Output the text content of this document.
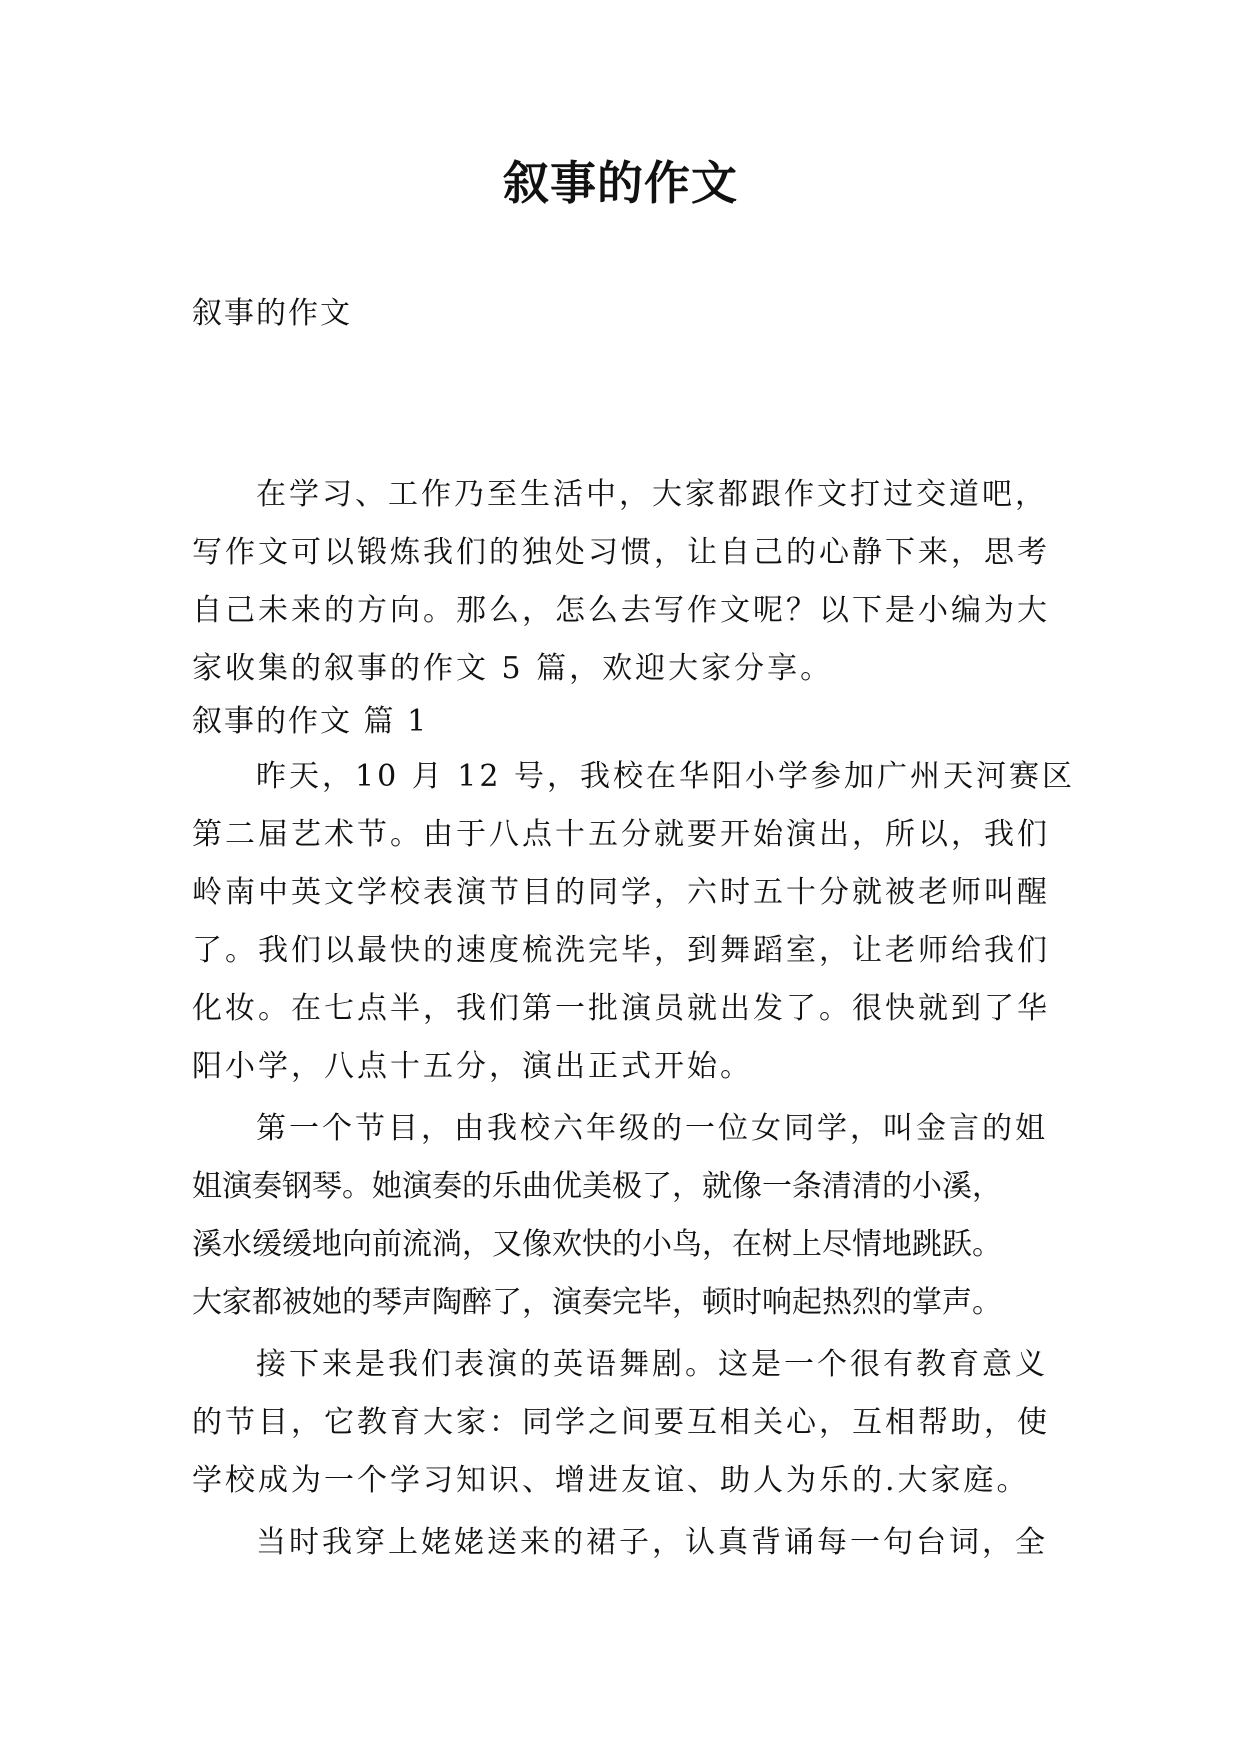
叙事的作文

叙事的作文

在学习、工作乃至生活中，大家都跟作文打过交道吧，
写作文可以锻炼我们的独处习惯，让自己的心静下来，思考
自己未来的方向。那么，怎么去写作文呢？以下是小编为大
家收集的叙事的作文 5 篇，欢迎大家分享。

叙事的作文 篇 1

昨天，10 月 12 号，我校在华阳小学参加广州天河赛区
第二届艺术节。由于八点十五分就要开始演出，所以，我们
岭南中英文学校表演节目的同学，六时五十分就被老师叫醒
了。我们以最快的速度梳洗完毕，到舞蹈室，让老师给我们
化妆。在七点半，我们第一批演员就出发了。很快就到了华
阳小学，八点十五分，演出正式开始。

第一个节目，由我校六年级的一位女同学，叫金言的姐
姐演奏钢琴。她演奏的乐曲优美极了，就像一条清清的小溪，
溪水缓缓地向前流淌，又像欢快的小鸟，在树上尽情地跳跃。
大家都被她的琴声陶醉了，演奏完毕，顿时响起热烈的掌声。

接下来是我们表演的英语舞剧。这是一个很有教育意义
的节目，它教育大家：同学之间要互相关心，互相帮助，使
学校成为一个学习知识、增进友谊、助人为乐的.大家庭。

当时我穿上姥姥送来的裙子，认真背诵每一句台词，全
